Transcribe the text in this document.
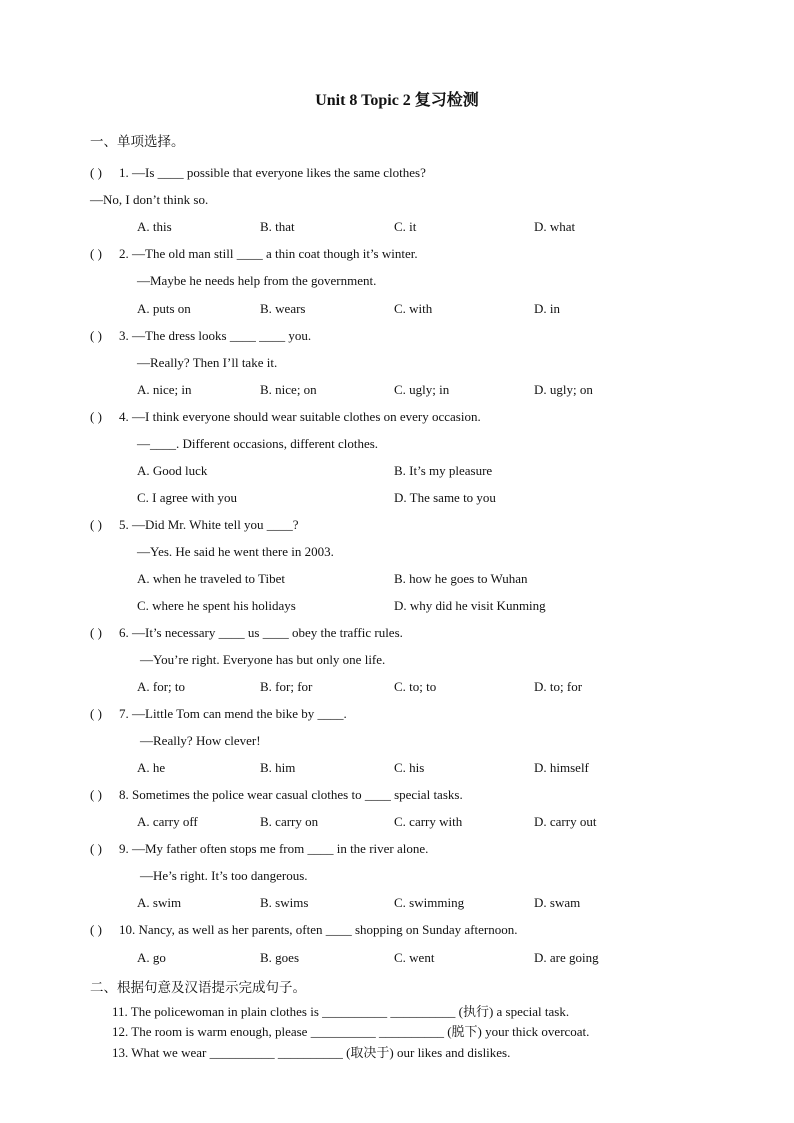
Unit 8 Topic 2 复习检测
一、单项选择。
( ) 1. —Is ____ possible that everyone likes the same clothes?
—No, I don’t think so.
A. this	B. that	C. it	D. what
( ) 2. —The old man still ____ a thin coat though it’s winter.
—Maybe he needs help from the government.
A. puts on	B. wears	C. with	D. in
( ) 3. —The dress looks ____ ____ you.
—Really? Then I’ll take it.
A. nice; in	B. nice; on	C. ugly; in	D. ugly; on
( ) 4. —I think everyone should wear suitable clothes on every occasion.
—____. Different occasions, different clothes.
A. Good luck	B. It’s my pleasure
C. I agree with you	D. The same to you
( ) 5. —Did Mr. White tell you ____?
—Yes. He said he went there in 2003.
A. when he traveled to Tibet	B. how he goes to Wuhan
C. where he spent his holidays	D. why did he visit Kunming
( ) 6. —It’s necessary ____ us ____ obey the traffic rules.
—You’re right. Everyone has but only one life.
A. for; to	B. for; for	C. to; to	D. to; for
( ) 7. —Little Tom can mend the bike by ____.
—Really? How clever!
A. he	B. him	C. his	D. himself
( ) 8. Sometimes the police wear casual clothes to ____ special tasks.
A. carry off	B. carry on	C. carry with	D. carry out
( ) 9. —My father often stops me from ____ in the river alone.
—He’s right. It’s too dangerous.
A. swim	B. swims	C. swimming	D. swam
( ) 10. Nancy, as well as her parents, often ____ shopping on Sunday afternoon.
A. go	B. goes	C. went	D. are going
二、根据句意及汉语提示完成句子。
11. The policewoman in plain clothes is __________ __________ (执行) a special task.
12. The room is warm enough, please __________ __________ (脱下) your thick overcoat.
13. What we wear __________ __________ (取决于) our likes and dislikes.
